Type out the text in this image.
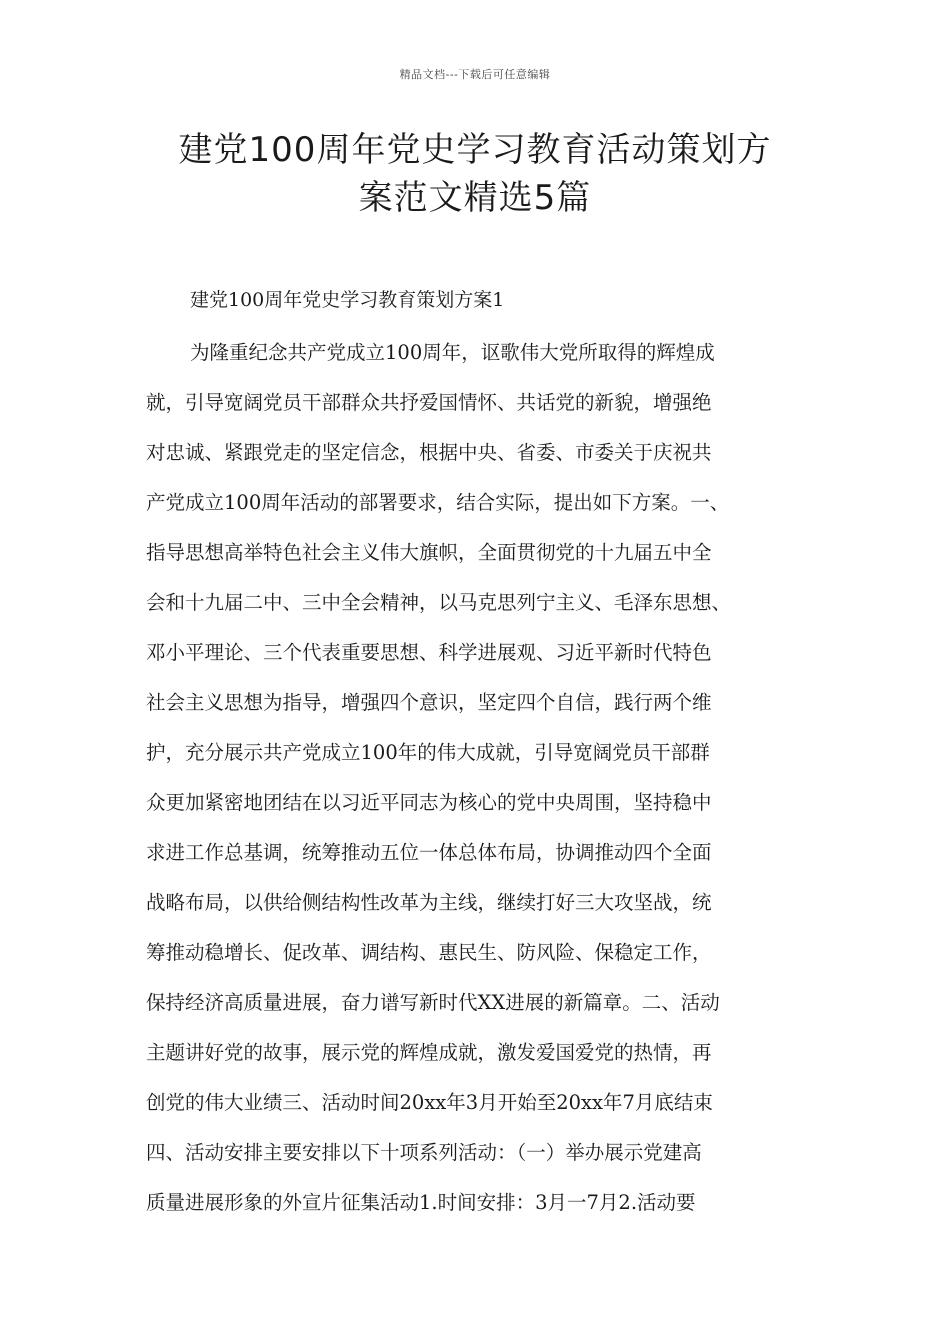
精品文档---下载后可任意编辑
建党100周年党史学习教育活动策划方
案范文精选5篇
建党100周年党史学习教育策划方案1
为隆重纪念共产党成立100周年，讴歌伟大党所取得的辉煌成
就，引导宽阔党员干部群众共抒爱国情怀、共话党的新貌，增强绝
对忠诚、紧跟党走的坚定信念，根据中央、省委、市委关于庆祝共
产党成立100周年活动的部署要求，结合实际，提出如下方案。一、
指导思想高举特色社会主义伟大旗帜，全面贯彻党的十九届五中全
会和十九届二中、三中全会精神，以马克思列宁主义、毛泽东思想、
邓小平理论、三个代表重要思想、科学进展观、习近平新时代特色
社会主义思想为指导，增强四个意识，坚定四个自信，践行两个维
护，充分展示共产党成立100年的伟大成就，引导宽阔党员干部群
众更加紧密地团结在以习近平同志为核心的党中央周围，坚持稳中
求进工作总基调，统筹推动五位一体总体布局，协调推动四个全面
战略布局，以供给侧结构性改革为主线，继续打好三大攻坚战，统
筹推动稳增长、促改革、调结构、惠民生、防风险、保稳定工作，
保持经济高质量进展，奋力谱写新时代XX进展的新篇章。二、活动
主题讲好党的故事，展示党的辉煌成就，激发爱国爱党的热情，再
创党的伟大业绩三、活动时间20xx年3月开始至20xx年7月底结束
四、活动安排主要安排以下十项系列活动：（一）举办展示党建高
质量进展形象的外宣片征集活动1.时间安排：3月一7月2.活动要
